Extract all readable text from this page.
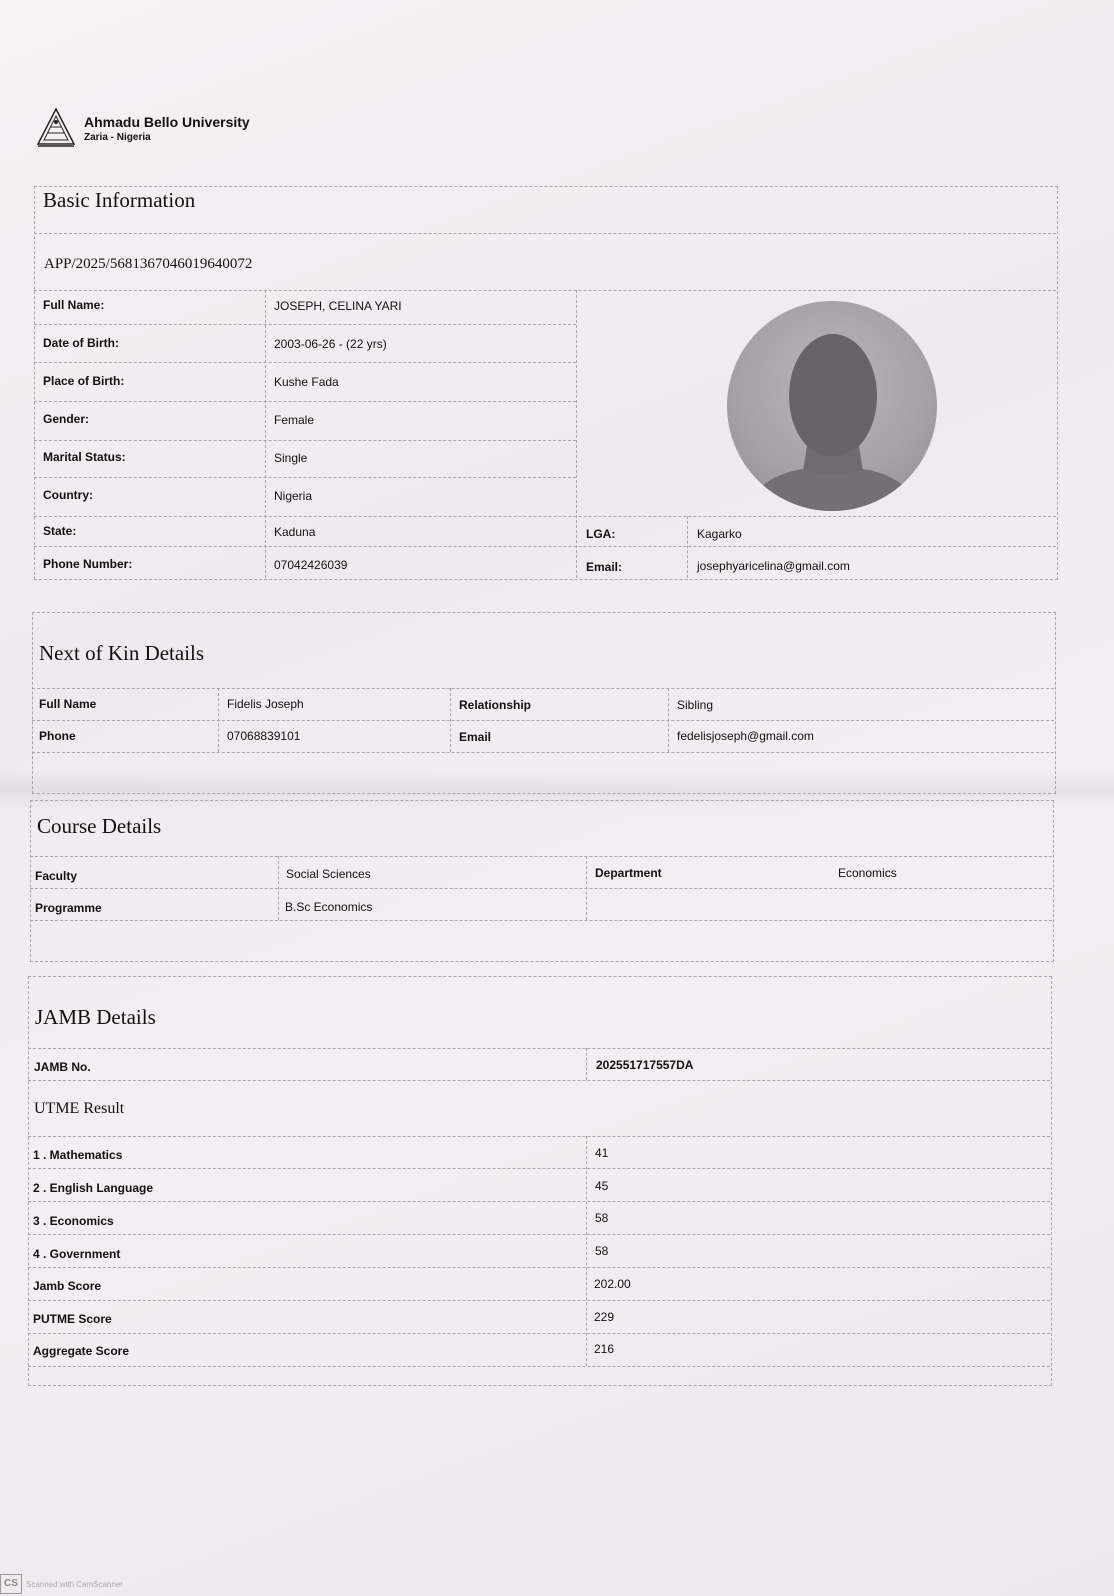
Ahmadu Bello University
Zaria - Nigeria
Basic Information
APP/2025/5681367046019640072
Full Name:	JOSEPH, CELINA YARI
Date of Birth:	2003-06-26 - (22 yrs)
Place of Birth:	Kushe Fada
Gender:	Female
Marital Status:	Single
Country:	Nigeria
State:	Kaduna
Phone Number:	07042426039
LGA:	Kagarko
Email:	josephyaricelina@gmail.com
Next of Kin Details
Full Name	Fidelis Joseph	Relationship	Sibling
Phone	07068839101	Email	fedelisjoseph@gmail.com
Course Details
Faculty	Social Sciences	Department	Economics
Programme	B.Sc Economics
JAMB Details
JAMB No.	202551717557DA
UTME Result
1 . Mathematics	41
2 . English Language	45
3 . Economics	58
4 . Government	58
Jamb Score	202.00
PUTME Score	229
Aggregate Score	216
CS	Scanned with CamScanner
